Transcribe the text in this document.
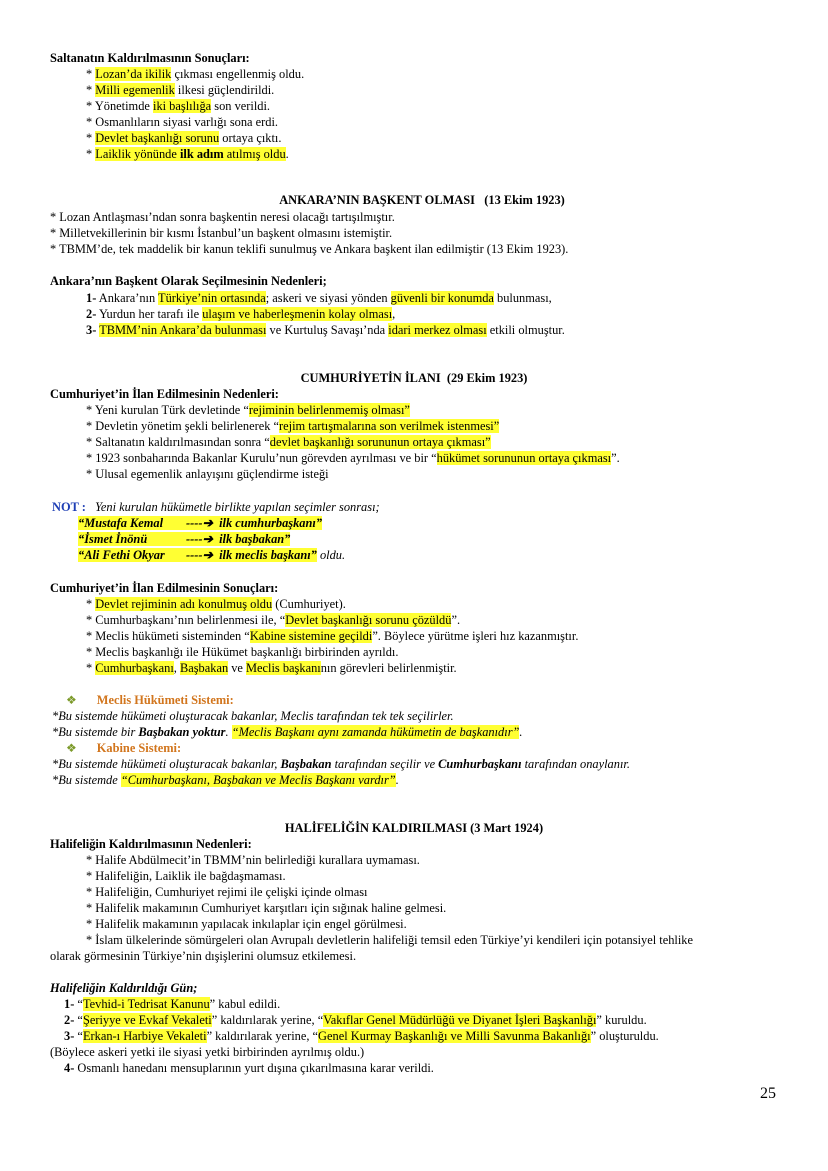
Saltanatın Kaldırılmasının Sonuçları:

* Lozan’da ikilik çıkması engellenmiş oldu.

* Milli egemenlik ilkesi güçlendirildi.

* Yönetimde iki başlılığa son verildi.

* Osmanlıların siyasi varlığı sona erdi.

* Devlet başkanlığı sorunu ortaya çıktı.

* Laiklik yönünde ilk adım atılmış oldu.

ANKARA’NIN BAŞKENT OLMASI (13 Ekim 1923)

* Lozan Antlaşması’ndan sonra başkentin neresi olacağı tartışılmıştır.

* Milletvekillerinin bir kısmı İstanbul’un başkent olmasını istemiştir.

* TBMM’de, tek maddelik bir kanun teklifi sunulmuş ve Ankara başkent ilan edilmiştir (13 Ekim 1923).

Ankara’nın Başkent Olarak Seçilmesinin Nedenleri;

1- Ankara’nın Türkiye’nin ortasında; askeri ve siyasi yönden güvenli bir konumda bulunması,

2- Yurdun her tarafı ile ulaşım ve haberleşmenin kolay olması,

3- TBMM’nin Ankara’da bulunması ve Kurtuluş Savaşı’nda idari merkez olması etkili olmuştur.

CUMHURİYETİN İLANI (29 Ekim 1923)

Cumhuriyet’in İlan Edilmesinin Nedenleri:

* Yeni kurulan Türk devletinde “rejiminin belirlenmemiş olması”

* Devletin yönetim şekli belirlenerek “rejim tartışmalarına son verilmek istenmesi”

* Saltanatın kaldırılmasından sonra “devlet başkanlığı sorununun ortaya çıkması”

* 1923 sonbaharında Bakanlar Kurulu’nun görevden ayrılması ve bir “hükümet sorununun ortaya çıkması”.

* Ulusal egemenlik anlayışını güçlendirme isteği

NOT : Yeni kurulan hükümetle birlikte yapılan seçimler sonrası;

“Mustafa Kemal ----➔ ilk cumhurbaşkanı”

“İsmet İnönü	----➔ ilk başbakan”

“Ali Fethi Okyar ----➔ ilk meclis başkanı” oldu.

Cumhuriyet’in İlan Edilmesinin Sonuçları:

* Devlet rejiminin adı konulmuş oldu (Cumhuriyet).

* Cumhurbaşkanı’nın belirlenmesi ile, “Devlet başkanlığı sorunu çözüldü”.

* Meclis hükümeti sisteminden “Kabine sistemine geçildi”. Böylece yürütme işleri hız kazanmıştır.

* Meclis başkanlığı ile Hükümet başkanlığı birbirinden ayrıldı.

* Cumhurbaşkanı, Başbakan ve Meclis başkanının görevleri belirlenmiştir.

❖ Meclis Hükümeti Sistemi:

*Bu sistemde hükümeti oluşturacak bakanlar, Meclis tarafından tek tek seçilirler.

*Bu sistemde bir Başbakan yoktur. “Meclis Başkanı aynı zamanda hükümetin de başkanıdır”.

❖ Kabine Sistemi:

*Bu sistemde hükümeti oluşturacak bakanlar, Başbakan tarafından seçilir ve Cumhurbaşkanı tarafından onaylanır.

*Bu sistemde “Cumhurbaşkanı, Başbakan ve Meclis Başkanı vardır”.

HALİFELİĞİN KALDIRILMASI (3 Mart 1924)

Halifeliğin Kaldırılmasının Nedenleri:

* Halife Abdülmecit’in TBMM’nin belirlediği kurallara uymaması.

* Halifeliğin, Laiklik ile bağdaşmaması.

* Halifeliğin, Cumhuriyet rejimi ile çelişki içinde olması

* Halifelik makamının Cumhuriyet karşıtları için sığınak haline gelmesi.

* Halifelik makamının yapılacak inkılaplar için engel görülmesi.

* İslam ülkelerinde sömürgeleri olan Avrupalı devletlerin halifeliği temsil eden Türkiye’yi kendileri için potansiyel tehlike

olarak görmesinin Türkiye’nin dışişlerini olumsuz etkilemesi.

Halifeliğin Kaldırıldığı Gün;

1- “Tevhid-i Tedrisat Kanunu” kabul edildi.

2- “Şeriyye ve Evkaf Vekaleti” kaldırılarak yerine, “Vakıflar Genel Müdürlüğü ve Diyanet İşleri Başkanlığı” kuruldu.

3- “Erkan-ı Harbiye Vekaleti” kaldırılarak yerine, “Genel Kurmay Başkanlığı ve Milli Savunma Bakanlığı” oluşturuldu.

(Böylece askeri yetki ile siyasi yetki birbirinden ayrılmış oldu.)

4- Osmanlı hanedanı mensuplarının yurt dışına çıkarılmasına karar verildi.

25
